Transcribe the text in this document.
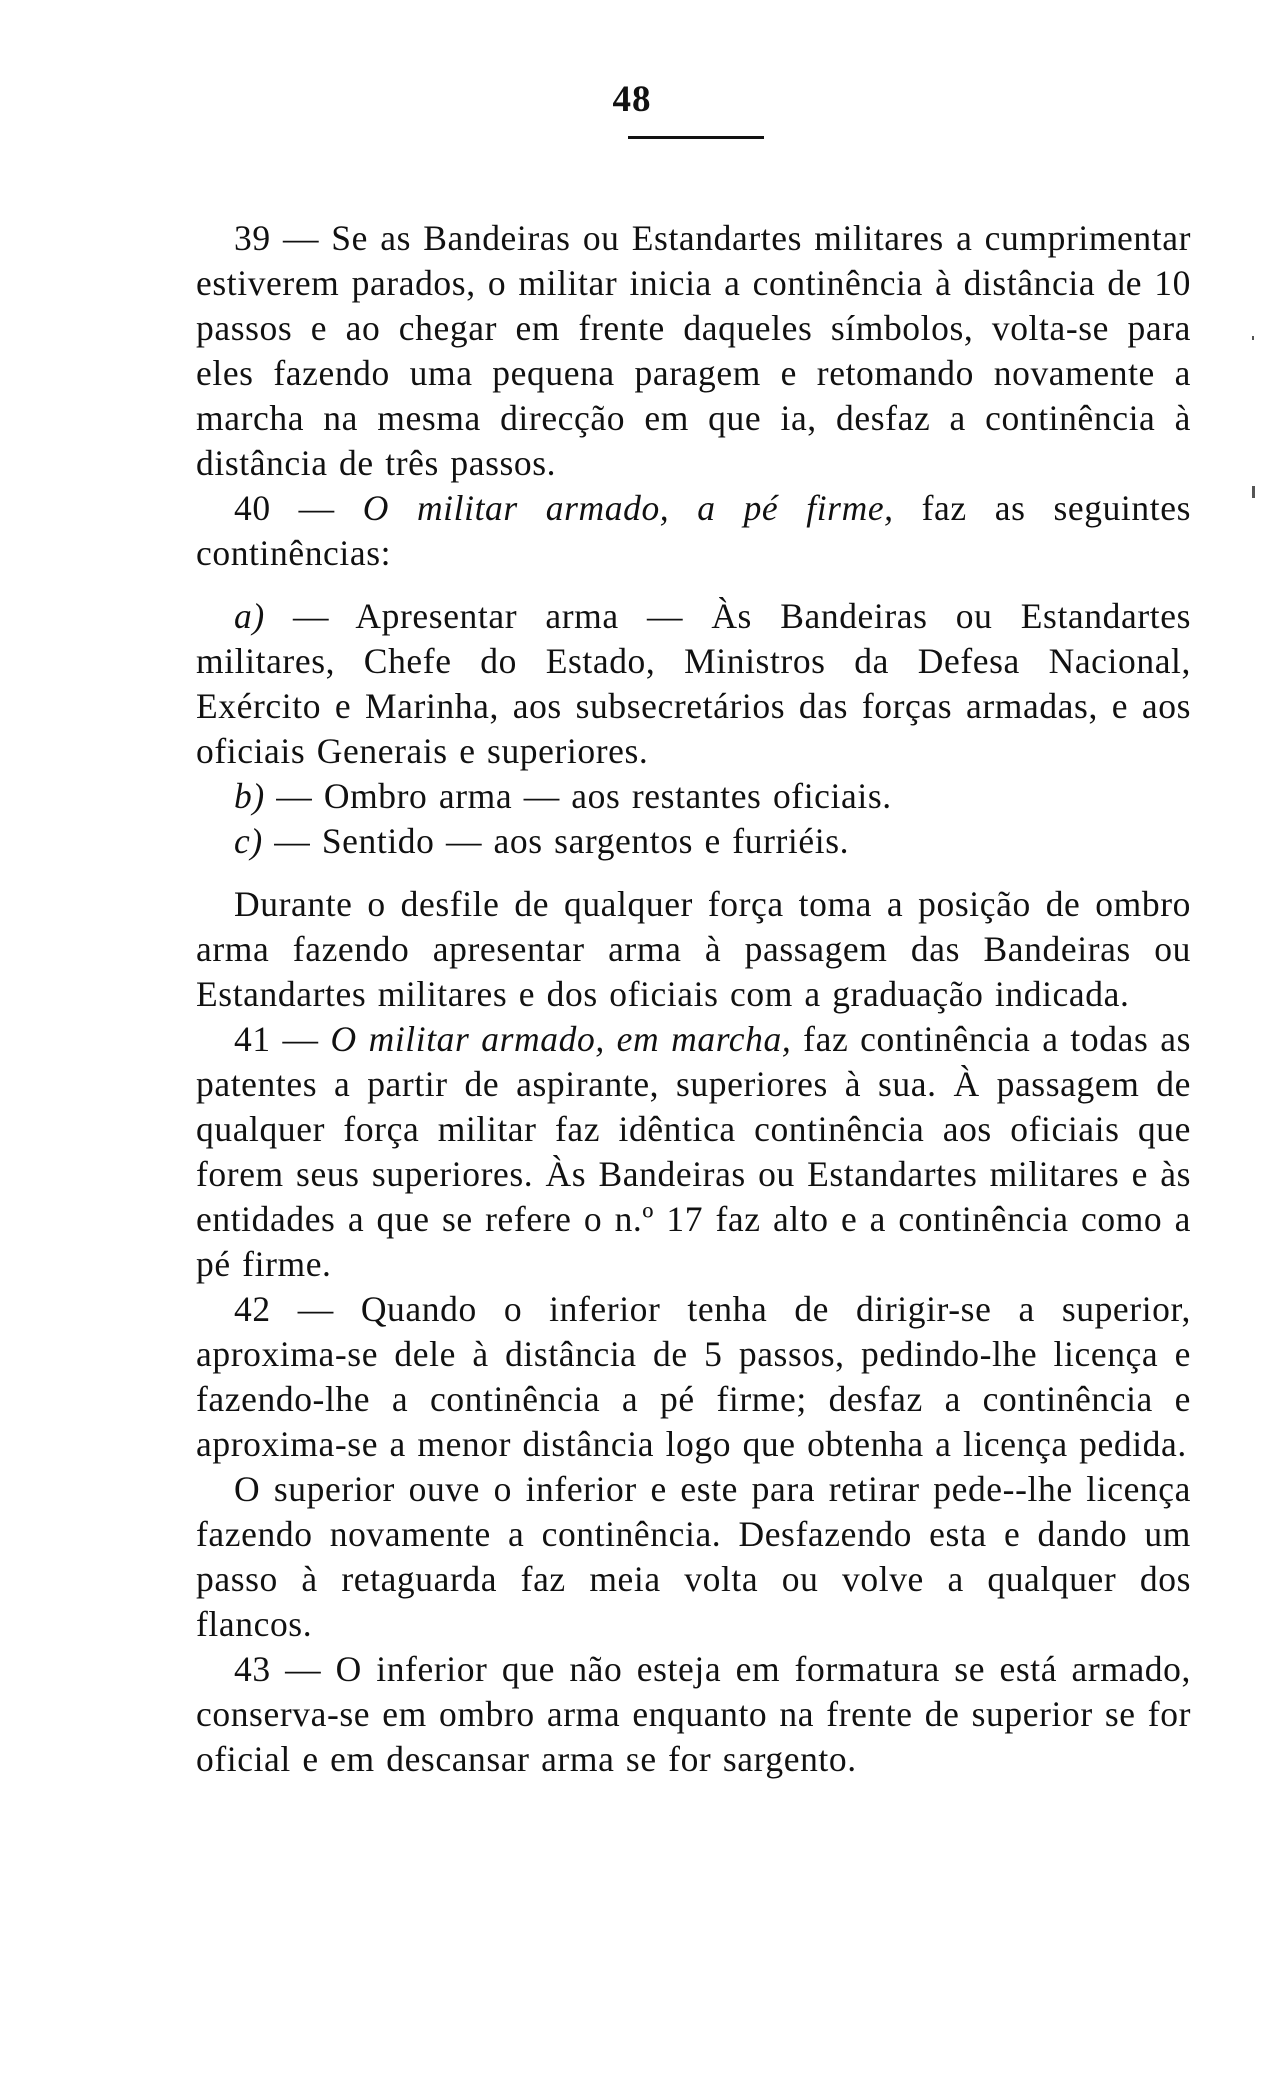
48

39 — Se as Bandeiras ou Estandartes militares a cumprimentar estiverem parados, o militar inicia a continência à distância de 10 passos e ao chegar em frente daqueles símbolos, volta-se para eles fazendo uma pequena paragem e retomando novamente a marcha na mesma direcção em que ia, desfaz a continência à distância de três passos.

40 — O militar armado, a pé firme, faz as seguintes continências:

a) — Apresentar arma — Às Bandeiras ou Estandartes militares, Chefe do Estado, Ministros da Defesa Nacional, Exército e Marinha, aos subsecretários das forças armadas, e aos oficiais Generais e superiores.

b) — Ombro arma — aos restantes oficiais.

c) — Sentido — aos sargentos e furriéis.

Durante o desfile de qualquer força toma a posição de ombro arma fazendo apresentar arma à passagem das Bandeiras ou Estandartes militares e dos oficiais com a graduação indicada.

41 — O militar armado, em marcha, faz continência a todas as patentes a partir de aspirante, superiores à sua. À passagem de qualquer força militar faz idêntica continência aos oficiais que forem seus superiores. Às Bandeiras ou Estandartes militares e às entidades a que se refere o n.º 17 faz alto e a continência como a pé firme.

42 — Quando o inferior tenha de dirigir-se a superior, aproxima-se dele à distância de 5 passos, pedindo-lhe licença e fazendo-lhe a continência a pé firme; desfaz a continência e aproxima-se a menor distância logo que obtenha a licença pedida.

O superior ouve o inferior e este para retirar pede--lhe licença fazendo novamente a continência. Desfazendo esta e dando um passo à retaguarda faz meia volta ou volve a qualquer dos flancos.

43 — O inferior que não esteja em formatura se está armado, conserva-se em ombro arma enquanto na frente de superior se for oficial e em descansar arma se for sargento.
